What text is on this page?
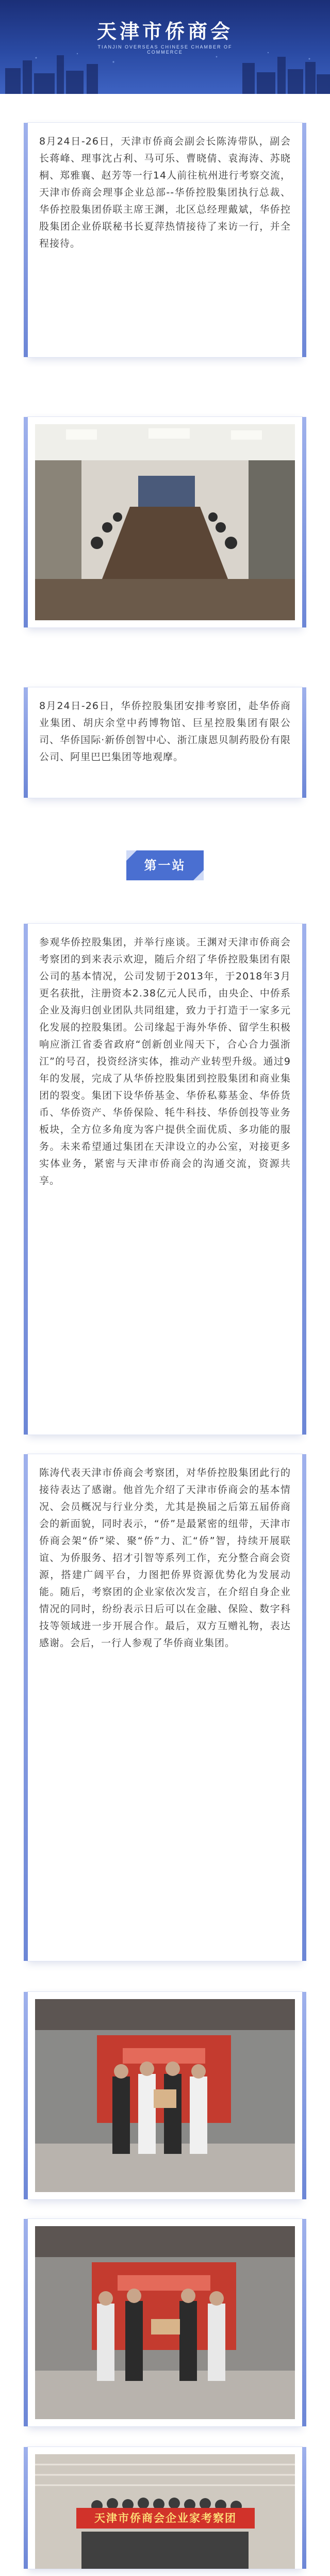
天津市侨商会
TIANJIN OVERSEAS CHINESE CHAMBER OF COMMERCE
8月24日-26日，天津市侨商会副会长陈涛带队，副会长蒋峰、理事沈占利、马可乐、曹晓倩、袁海涛、苏晓桐、郑雅襄、赵芳等一行14人前往杭州进行考察交流，天津市侨商会理事企业总部--华侨控股集团执行总裁、华侨控股集团侨联主席王渊，北区总经理戴斌，华侨控股集团企业侨联秘书长夏萍热情接待了来访一行，并全程接待。
8月24日-26日，华侨控股集团安排考察团，赴华侨商业集团、胡庆余堂中药博物馆、巨星控股集团有限公司、华侨国际·新侨创智中心、浙江康恩贝制药股份有限公司、阿里巴巴集团等地观摩。
第一站
参观华侨控股集团，并举行座谈。王渊对天津市侨商会考察团的到来表示欢迎，随后介绍了华侨控股集团有限公司的基本情况，公司发韧于2013年，于2018年3月更名获批，注册资本2.38亿元人民币，由央企、中侨系企业及海归创业团队共同组建，致力于打造于一家多元化发展的控股集团。公司缘起于海外华侨、留学生积极响应浙江省委省政府“创新创业闯天下，合心合力强浙江”的号召，投资经济实体，推动产业转型升级。通过9年的发展，完成了从华侨控股集团到控股集团和商业集团的裂变。集团下设华侨基金、华侨私募基金、华侨货币、华侨资产、华侨保险、牦牛科技、华侨创投等业务板块，全方位多角度为客户提供全面优质、多功能的服务。未来希望通过集团在天津设立的办公室，对接更多实体业务，紧密与天津市侨商会的沟通交流，资源共享。
陈涛代表天津市侨商会考察团，对华侨控股集团此行的接待表达了感谢。他首先介绍了天津市侨商会的基本情况、会员概况与行业分类，尤其是换届之后第五届侨商会的新面貌，同时表示，“侨”是最紧密的纽带，天津市侨商会架“侨”梁、聚“侨”力、汇“侨”智，持续开展联谊、为侨服务、招才引智等系列工作，充分整合商会资源，搭建广阔平台，力图把侨界资源优势化为发展动能。随后，考察团的企业家依次发言，在介绍自身企业情况的同时，纷纷表示日后可以在金融、保险、数字科技等领域进一步开展合作。最后，双方互赠礼物，表达感谢。会后，一行人参观了华侨商业集团。
天津市侨商会企业家考察团
